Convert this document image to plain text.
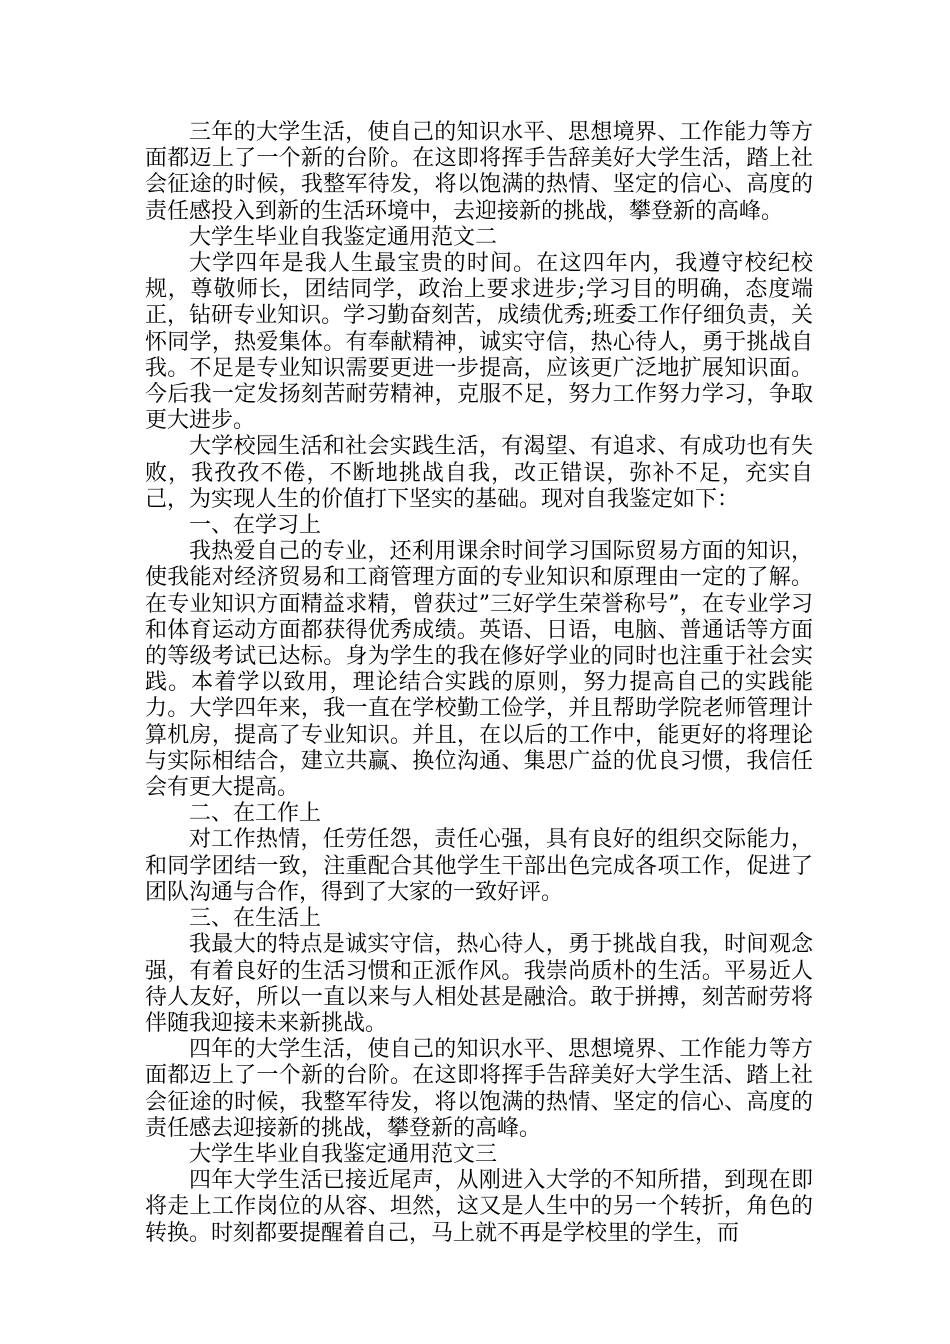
三年的大学生活，使自己的知识水平、思想境界、工作能力等方面都迈上了一个新的台阶。在这即将挥手告辞美好大学生活，踏上社会征途的时候，我整军待发，将以饱满的热情、坚定的信心、高度的责任感投入到新的生活环境中，去迎接新的挑战，攀登新的高峰。

大学生毕业自我鉴定通用范文二

大学四年是我人生最宝贵的时间。在这四年内，我遵守校纪校规，尊敬师长，团结同学，政治上要求进步;学习目的明确，态度端正，钻研专业知识。学习勤奋刻苦，成绩优秀;班委工作仔细负责，关怀同学，热爱集体。有奉献精神，诚实守信，热心待人，勇于挑战自我。不足是专业知识需要更进一步提高，应该更广泛地扩展知识面。今后我一定发扬刻苦耐劳精神，克服不足，努力工作努力学习，争取更大进步。

大学校园生活和社会实践生活，有渴望、有追求、有成功也有失败，我孜孜不倦，不断地挑战自我，改正错误，弥补不足，充实自己，为实现人生的价值打下坚实的基础。现对自我鉴定如下：

一、在学习上

我热爱自己的专业，还利用课余时间学习国际贸易方面的知识，使我能对经济贸易和工商管理方面的专业知识和原理由一定的了解。在专业知识方面精益求精，曾获过”三好学生荣誉称号”，在专业学习和体育运动方面都获得优秀成绩。英语、日语，电脑、普通话等方面的等级考试已达标。身为学生的我在修好学业的同时也注重于社会实践。本着学以致用，理论结合实践的原则，努力提高自己的实践能力。大学四年来，我一直在学校勤工俭学，并且帮助学院老师管理计算机房，提高了专业知识。并且，在以后的工作中，能更好的将理论与实际相结合，建立共赢、换位沟通、集思广益的优良习惯，我信任会有更大提高。

二、在工作上

对工作热情，任劳任怨，责任心强，具有良好的组织交际能力，和同学团结一致，注重配合其他学生干部出色完成各项工作，促进了团队沟通与合作，得到了大家的一致好评。

三、在生活上

我最大的特点是诚实守信，热心待人，勇于挑战自我，时间观念强，有着良好的生活习惯和正派作风。我崇尚质朴的生活。平易近人待人友好，所以一直以来与人相处甚是融洽。敢于拼搏，刻苦耐劳将伴随我迎接未来新挑战。

四年的大学生活，使自己的知识水平、思想境界、工作能力等方面都迈上了一个新的台阶。在这即将挥手告辞美好大学生活、踏上社会征途的时候，我整军待发，将以饱满的热情、坚定的信心、高度的责任感去迎接新的挑战，攀登新的高峰。

大学生毕业自我鉴定通用范文三

四年大学生活已接近尾声，从刚进入大学的不知所措，到现在即将走上工作岗位的从容、坦然，这又是人生中的另一个转折，角色的转换。时刻都要提醒着自己，马上就不再是学校里的学生，而
